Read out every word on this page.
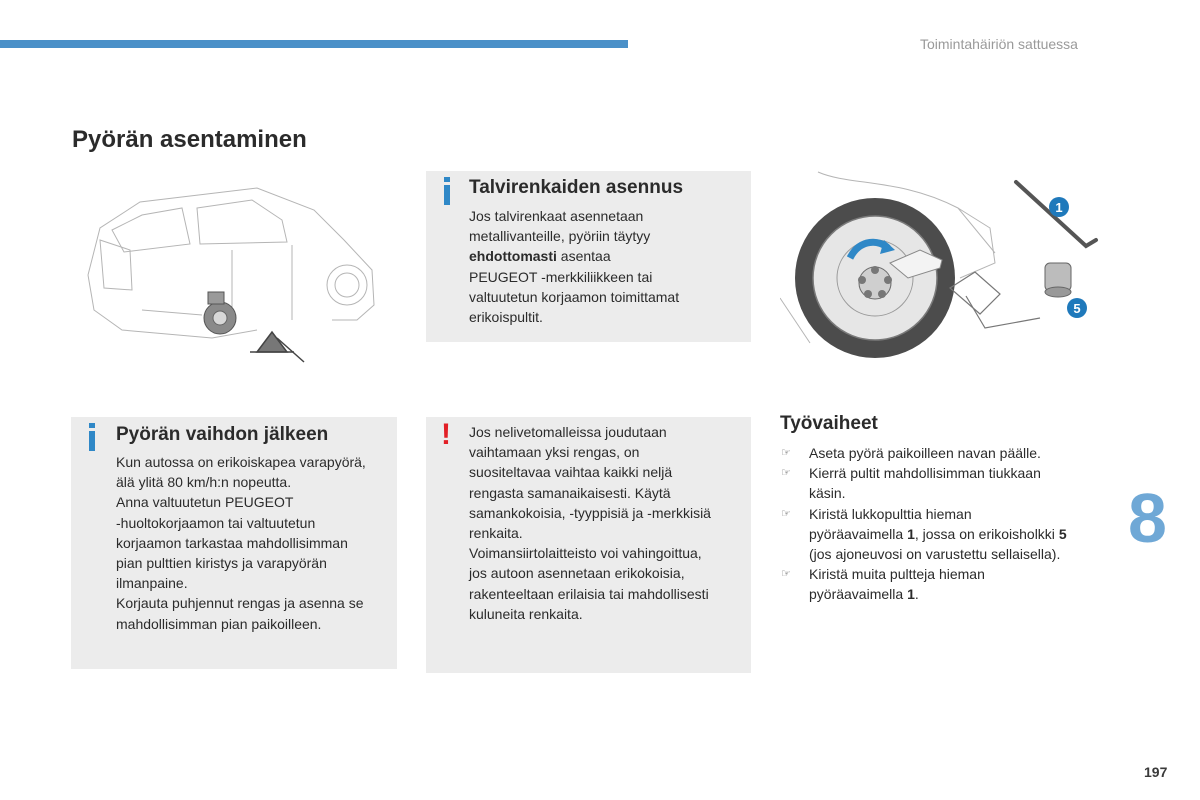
Toimintahäiriön sattuessa
Pyörän asentaminen
Talvirenkaiden asennus
Jos talvirenkaat asennetaan
metallivanteille, pyöriin täytyy
ehdottomasti asentaa
PEUGEOT -merkkiliikkeen tai
valtuutetun korjaamon toimittamat
erikoispultit.
1
5
Pyörän vaihdon jälkeen
Kun autossa on erikoiskapea varapyörä,
älä ylitä 80 km/h:n nopeutta.
Anna valtuutetun PEUGEOT
-huoltokorjaamon tai valtuutetun
korjaamon tarkastaa mahdollisimman
pian pulttien kiristys ja varapyörän
ilmanpaine.
Korjauta puhjennut rengas ja asenna se
mahdollisimman pian paikoilleen.
! Jos nelivetomalleissa joudutaan
vaihtamaan yksi rengas, on
suositeltavaa vaihtaa kaikki neljä
rengasta samanaikaisesti. Käytä
samankokoisia, -tyyppisiä ja -merkkisiä
renkaita.
Voimansiirtolaitteisto voi vahingoittua,
jos autoon asennetaan erikokoisia,
rakenteeltaan erilaisia tai mahdollisesti
kuluneita renkaita.
Työvaiheet
☞ Aseta pyörä paikoilleen navan päälle.
☞ Kierrä pultit mahdollisimman tiukkaan
käsin.
☞ Kiristä lukkopulttia hieman
pyöräavaimella 1, jossa on erikoisholkki 5
(jos ajoneuvosi on varustettu sellaisella).
☞ Kiristä muita pultteja hieman
pyöräavaimella 1.
8
197
